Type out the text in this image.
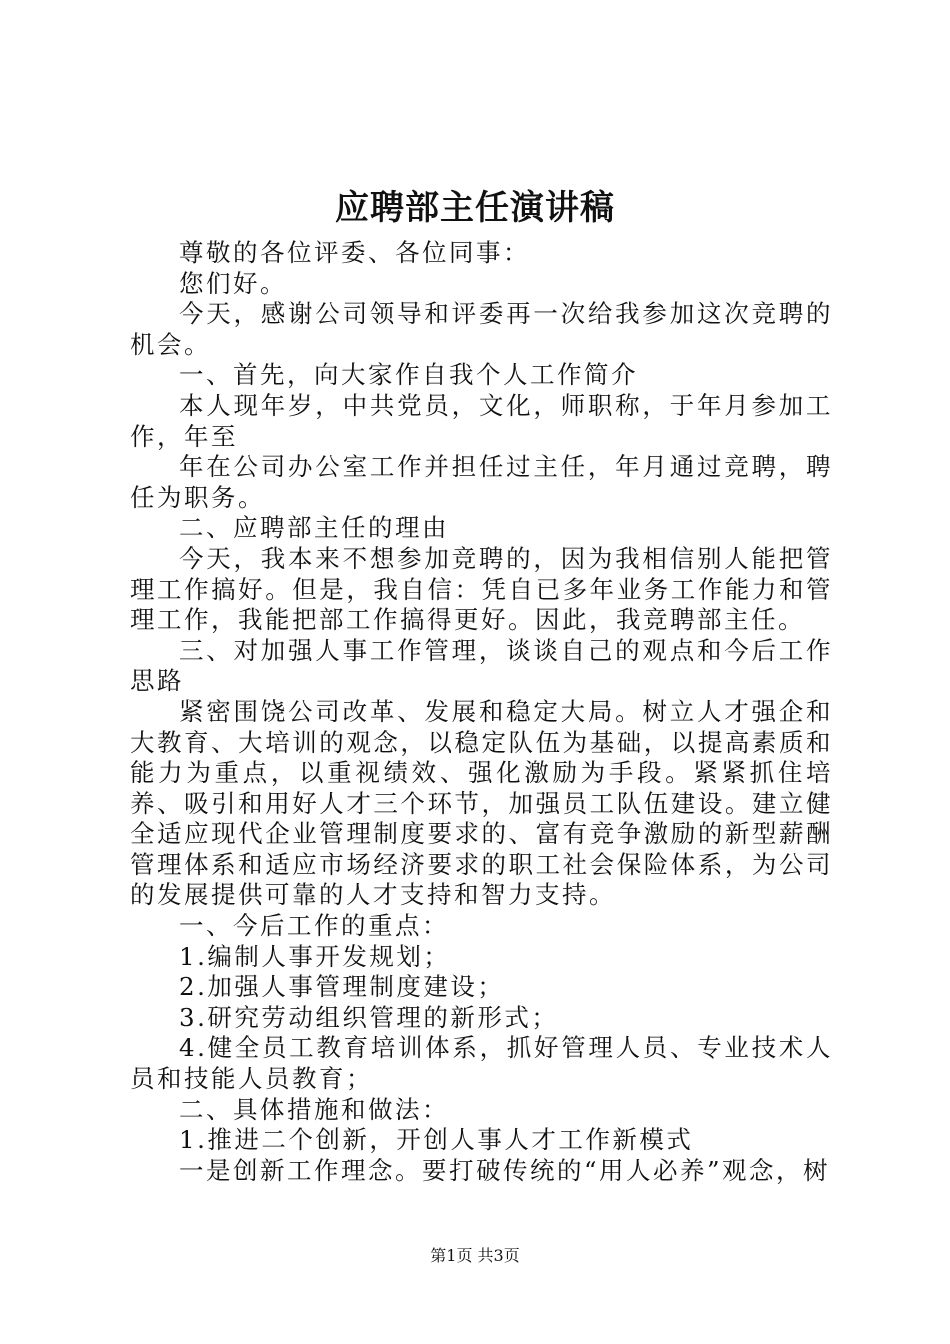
应聘部主任演讲稿

尊敬的各位评委、各位同事：

您们好。

今天，感谢公司领导和评委再一次给我参加这次竞聘的机会。

一、首先，向大家作自我个人工作简介

本人现年岁，中共党员，文化，师职称，于年月参加工作，年至

年在公司办公室工作并担任过主任，年月通过竞聘，聘任为职务。

二、应聘部主任的理由

今天，我本来不想参加竞聘的，因为我相信别人能把管理工作搞好。但是，我自信：凭自已多年业务工作能力和管理工作，我能把部工作搞得更好。因此，我竞聘部主任。

三、对加强人事工作管理，谈谈自己的观点和今后工作思路

紧密围饶公司改革、发展和稳定大局。树立人才强企和大教育、大培训的观念，以稳定队伍为基础，以提高素质和能力为重点，以重视绩效、强化激励为手段。紧紧抓住培养、吸引和用好人才三个环节，加强员工队伍建设。建立健全适应现代企业管理制度要求的、富有竞争激励的新型薪酬管理体系和适应市场经济要求的职工社会保险体系，为公司的发展提供可靠的人才支持和智力支持。

一、今后工作的重点：

1.编制人事开发规划；

2.加强人事管理制度建设；

3.研究劳动组织管理的新形式；

4.健全员工教育培训体系，抓好管理人员、专业技术人员和技能人员教育；

二、具体措施和做法：

1.推进二个创新，开创人事人才工作新模式

一是创新工作理念。要打破传统的“用人必养”观念，树

第1页 共3页
